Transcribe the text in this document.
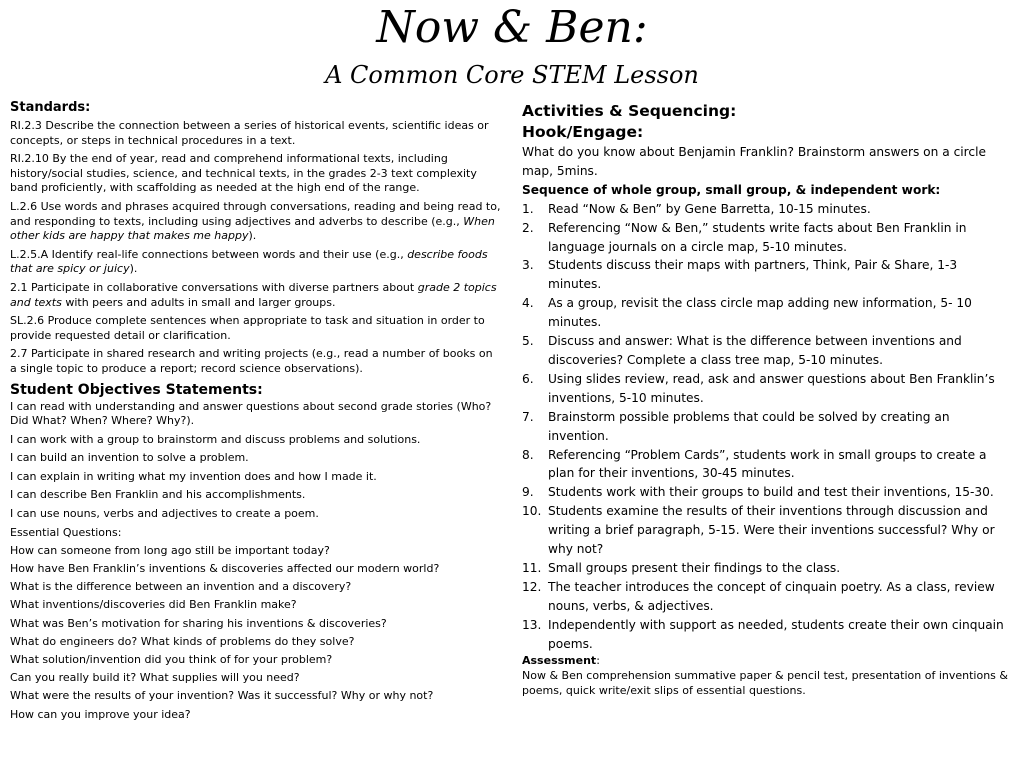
Now & Ben:
A Common Core STEM Lesson
Standards:
RI.2.3 Describe the connection between a series of historical events, scientific ideas or concepts, or steps in technical procedures in a text.
RI.2.10 By the end of year, read and comprehend informational texts, including history/social studies, science, and technical texts, in the grades 2-3 text complexity band proficiently, with scaffolding as needed at the high end of the range.
L.2.6 Use words and phrases acquired through conversations, reading and being read to, and responding to texts, including using adjectives and adverbs to describe (e.g., When other kids are happy that makes me happy).
L.2.5.A Identify real-life connections between words and their use (e.g., describe foods that are spicy or juicy).
2.1 Participate in collaborative conversations with diverse partners about grade 2 topics and texts with peers and adults in small and larger groups.
SL.2.6 Produce complete sentences when appropriate to task and situation in order to provide requested detail or clarification.
2.7 Participate in shared research and writing projects (e.g., read a number of books on a single topic to produce a report; record science observations).
Student Objectives Statements:
I can read with understanding and answer questions about second grade stories (Who? Did What? When? Where? Why?).
I can work with a group to brainstorm and discuss problems and solutions.
I can build an invention to solve a problem.
I can explain in writing what my invention does and how I made it.
I can describe Ben Franklin and his accomplishments.
I can use nouns, verbs and adjectives to create a poem.
Essential Questions:
How can someone from long ago still be important today?
How have Ben Franklin’s inventions & discoveries affected our modern world?
What is the difference between an invention and a discovery?
What inventions/discoveries did Ben Franklin make?
What was Ben’s motivation for sharing his inventions & discoveries?
What do engineers do? What kinds of problems do they solve?
What solution/invention did you think of for your problem?
Can you really build it? What supplies will you need?
What were the results of your invention? Was it successful? Why or why not?
How can you improve your idea?
Activities & Sequencing:
Hook/Engage:
What do you know about Benjamin Franklin? Brainstorm answers on a circle map, 5mins.
Sequence of whole group, small group, & independent work:
1. Read “Now & Ben” by Gene Barretta, 10-15 minutes.
2. Referencing “Now & Ben,” students write facts about Ben Franklin in language journals on a circle map, 5-10 minutes.
3. Students discuss their maps with partners, Think, Pair & Share, 1-3 minutes.
4. As a group, revisit the class circle map adding new information, 5- 10 minutes.
5. Discuss and answer: What is the difference between inventions and discoveries? Complete a class tree map, 5-10 minutes.
6. Using slides review, read, ask and answer questions about Ben Franklin’s inventions, 5-10 minutes.
7. Brainstorm possible problems that could be solved by creating an invention.
8. Referencing “Problem Cards”, students work in small groups to create a plan for their inventions, 30-45 minutes.
9. Students work with their groups to build and test their inventions, 15-30.
10. Students examine the results of their inventions through discussion and writing a brief paragraph, 5-15. Were their inventions successful? Why or why not?
11. Small groups present their findings to the class.
12. The teacher introduces the concept of cinquain poetry. As a class, review nouns, verbs, & adjectives.
13. Independently with support as needed, students create their own cinquain poems.
Assessment:
Now & Ben comprehension summative paper & pencil test, presentation of inventions & poems, quick write/exit slips of essential questions.
